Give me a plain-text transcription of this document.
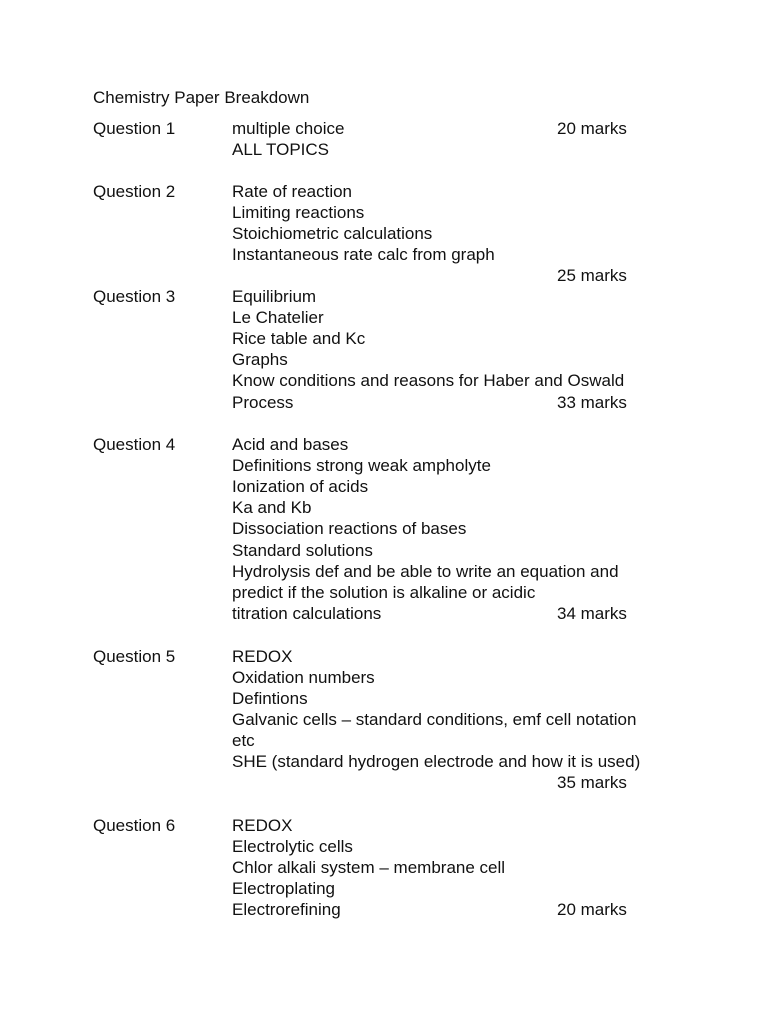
Chemistry Paper Breakdown
Question 1	multiple choice	20 marks
ALL TOPICS
Question 2	Rate of reaction
Limiting reactions
Stoichiometric calculations
Instantaneous rate calc from graph
25 marks
Question 3	Equilibrium
Le Chatelier
Rice table and Kc
Graphs
Know conditions and reasons for Haber and Oswald
Process	33 marks
Question 4	Acid and bases
Definitions strong weak ampholyte
Ionization of acids
Ka and Kb
Dissociation reactions of bases
Standard solutions
Hydrolysis def and be able to write an equation and
predict if the solution is alkaline or acidic
titration calculations	34 marks
Question 5	REDOX
Oxidation numbers
Defintions
Galvanic cells – standard conditions, emf cell notation
etc
SHE (standard hydrogen electrode and how it is used)
35 marks
Question 6	REDOX
Electrolytic cells
Chlor alkali system – membrane cell
Electroplating
Electrorefining	20 marks
